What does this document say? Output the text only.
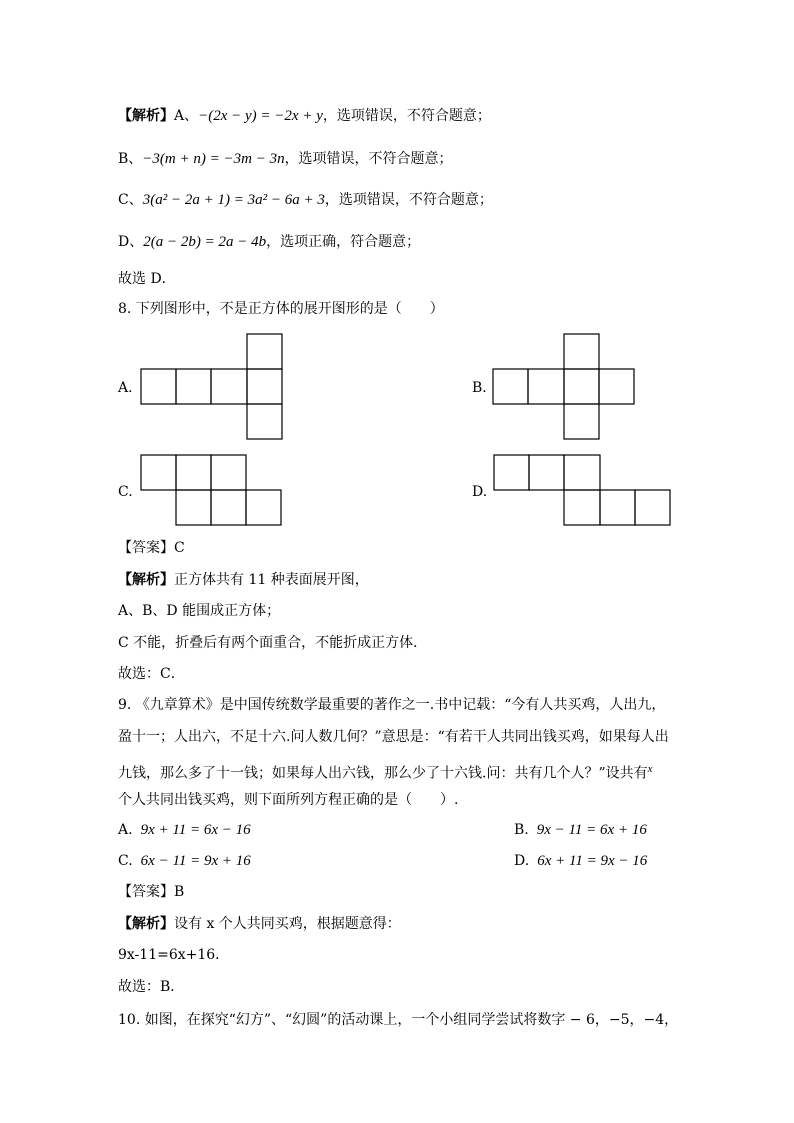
【解析】A、−(2x − y) = −2x + y，选项错误，不符合题意；
B、−3(m + n) = −3m − 3n，选项错误，不符合题意；
C、3(a² − 2a + 1) = 3a² − 6a + 3，选项错误，不符合题意；
D、2(a − 2b) = 2a − 4b，选项正确，符合题意；
故选 D．
8. 下列图形中，不是正方体的展开图形的是（　　）
A.	B.
C.	D.
【答案】C
【解析】正方体共有 11 种表面展开图，
A、B、D 能围成正方体；
C 不能，折叠后有两个面重合，不能折成正方体．
故选：C．
9. 《九章算术》是中国传统数学最重要的著作之一.书中记载：“今有人共买鸡，人出九，
盈十一；人出六，不足十六.问人数几何？”意思是：“有若干人共同出钱买鸡，如果每人出
九钱，那么多了十一钱；如果每人出六钱，那么少了十六钱.问：共有几个人？”设共有$^x$
个人共同出钱买鸡，则下面所列方程正确的是（　　）.
A. 9x + 11 = 6x − 16	B. 9x − 11 = 6x + 16
C. 6x − 11 = 9x + 16	D. 6x + 11 = 9x − 16
【答案】B
【解析】设有 x 个人共同买鸡，根据题意得：
9x-11=6x+16．
故选：B．
10. 如图，在探究“幻方”、“幻圆”的活动课上，一个小组同学尝试将数字 − 6，−5，−4，
